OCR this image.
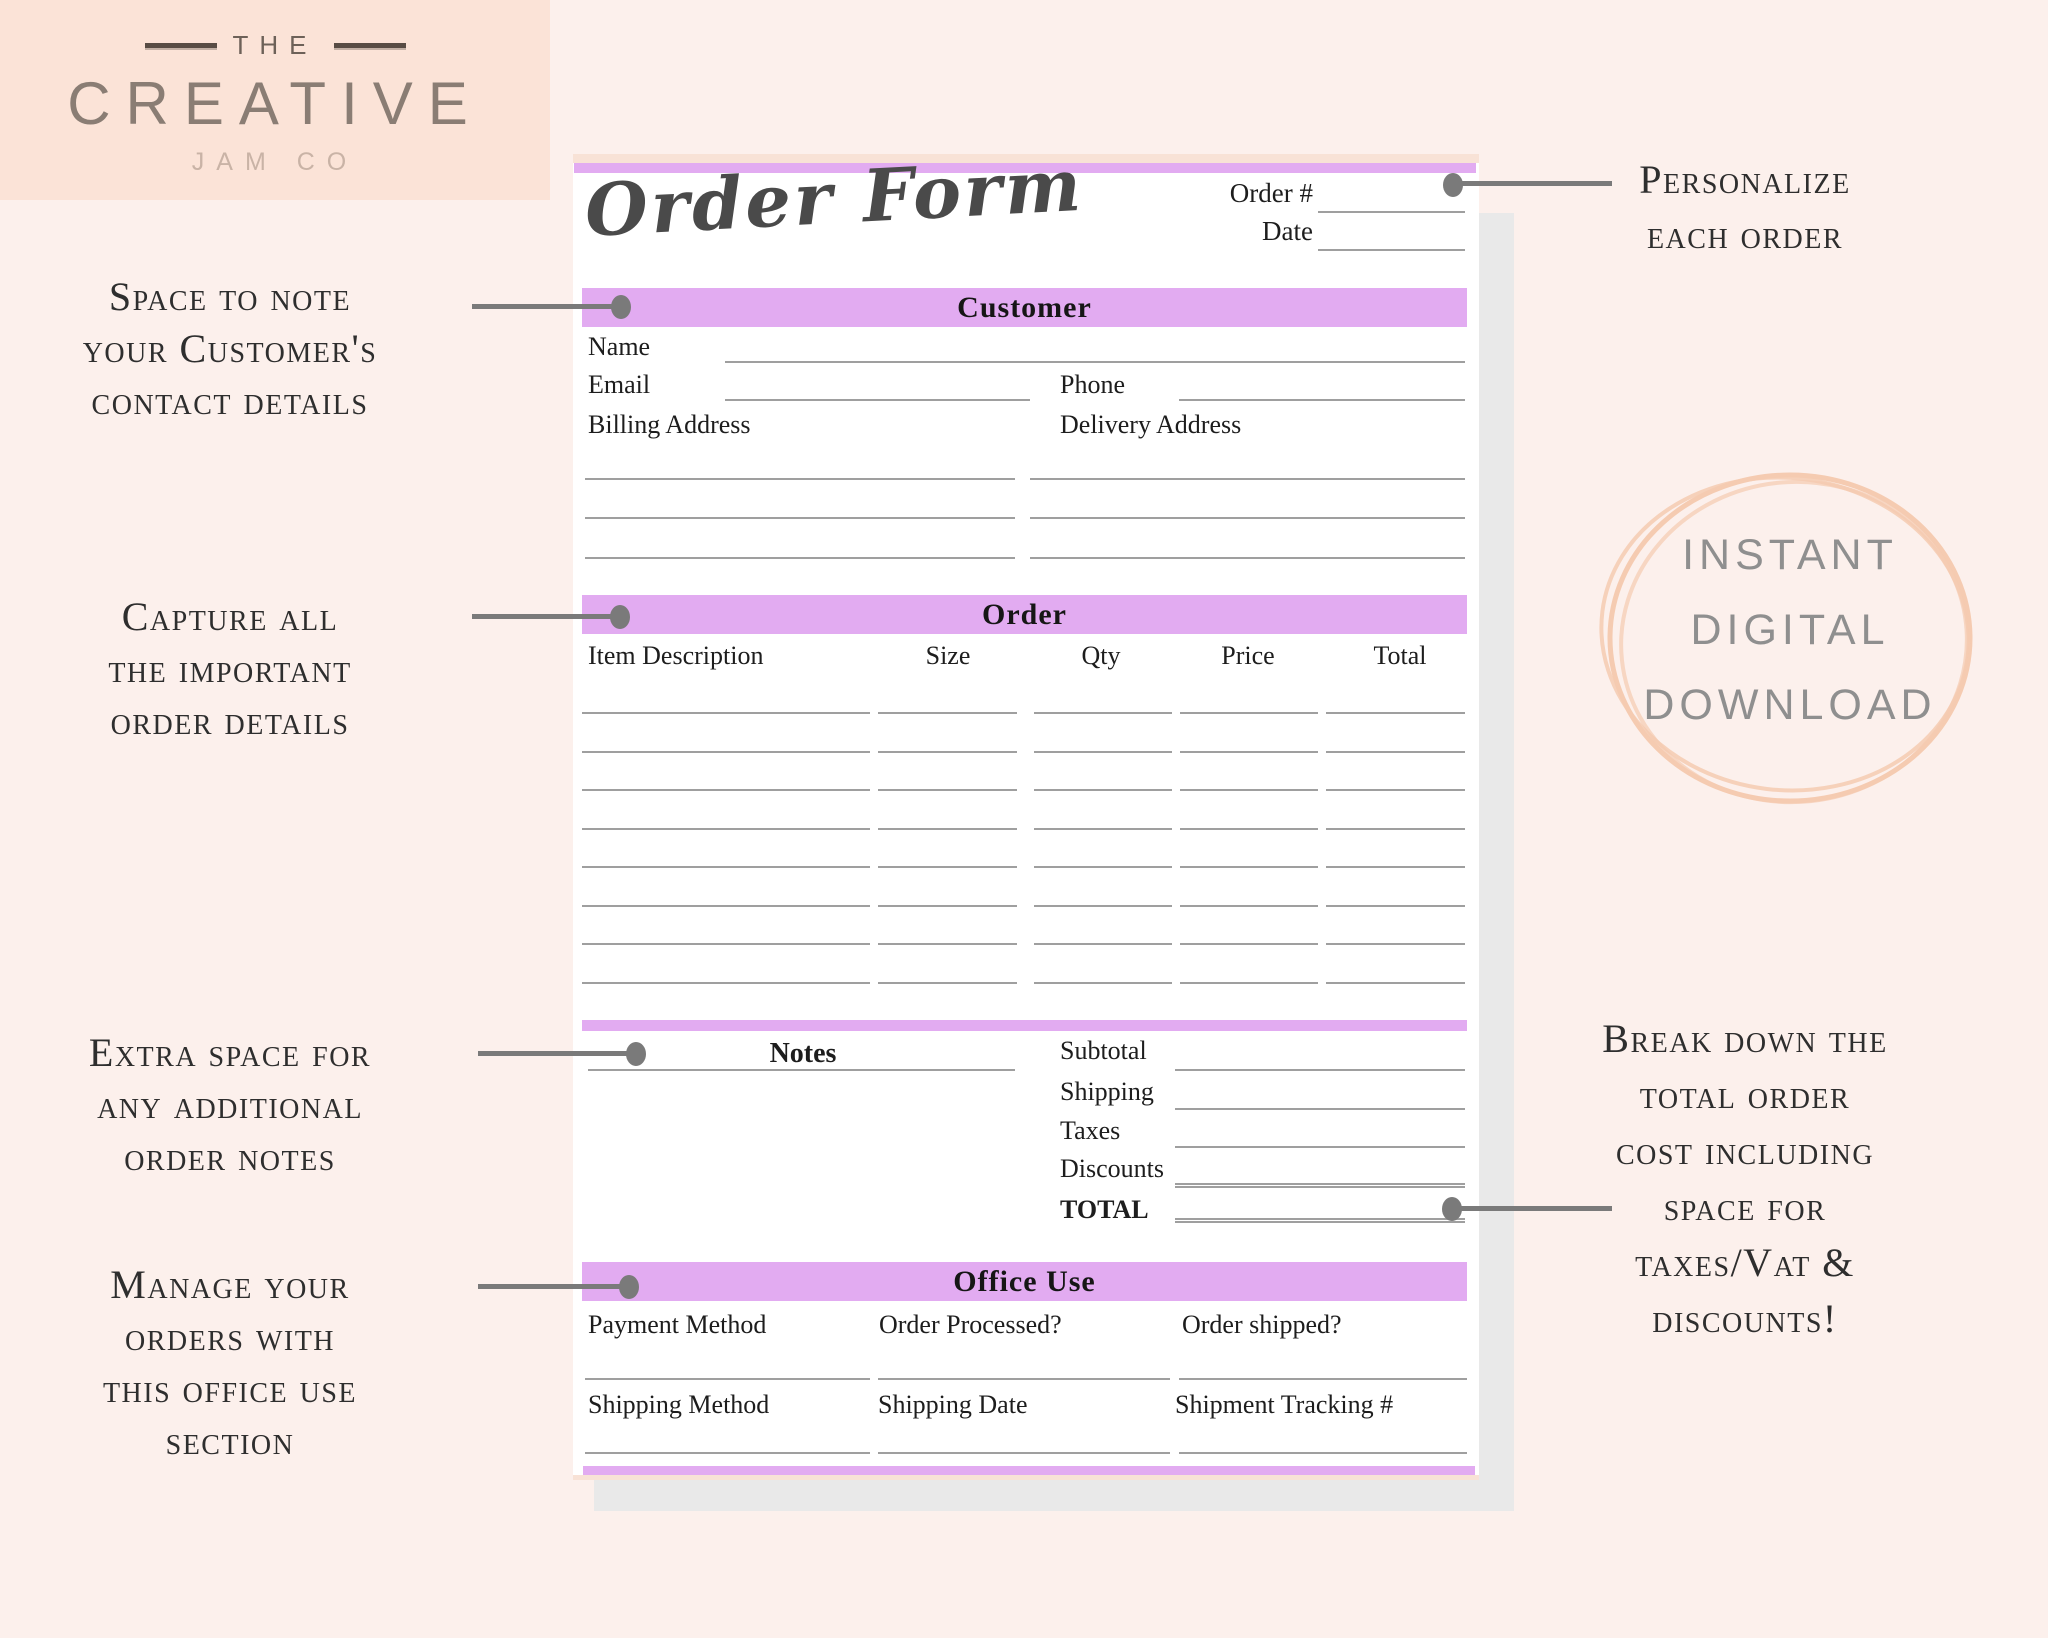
THE
CREATIVE
JAM CO	Order Form	Order #
Date
Customer
Name
Email	Phone
Billing Address	Delivery Address
Order
Item Description	Size	Qty	Price	Total
Notes	Subtotal
Shipping
Taxes
Discounts
TOTAL
Office Use
Payment Method	Order Processed?	Order shipped?
Shipping Method	Shipping Date	Shipment Tracking #
Space to note
your Customer's
contact details
Capture all
the important
order details
Extra space for
any additional
order notes
Manage your
orders with
this office use
section
Personalize
each order
Break down the
total order
cost including
space for
taxes/Vat &
discounts!
INSTANT
DIGITAL
DOWNLOAD
